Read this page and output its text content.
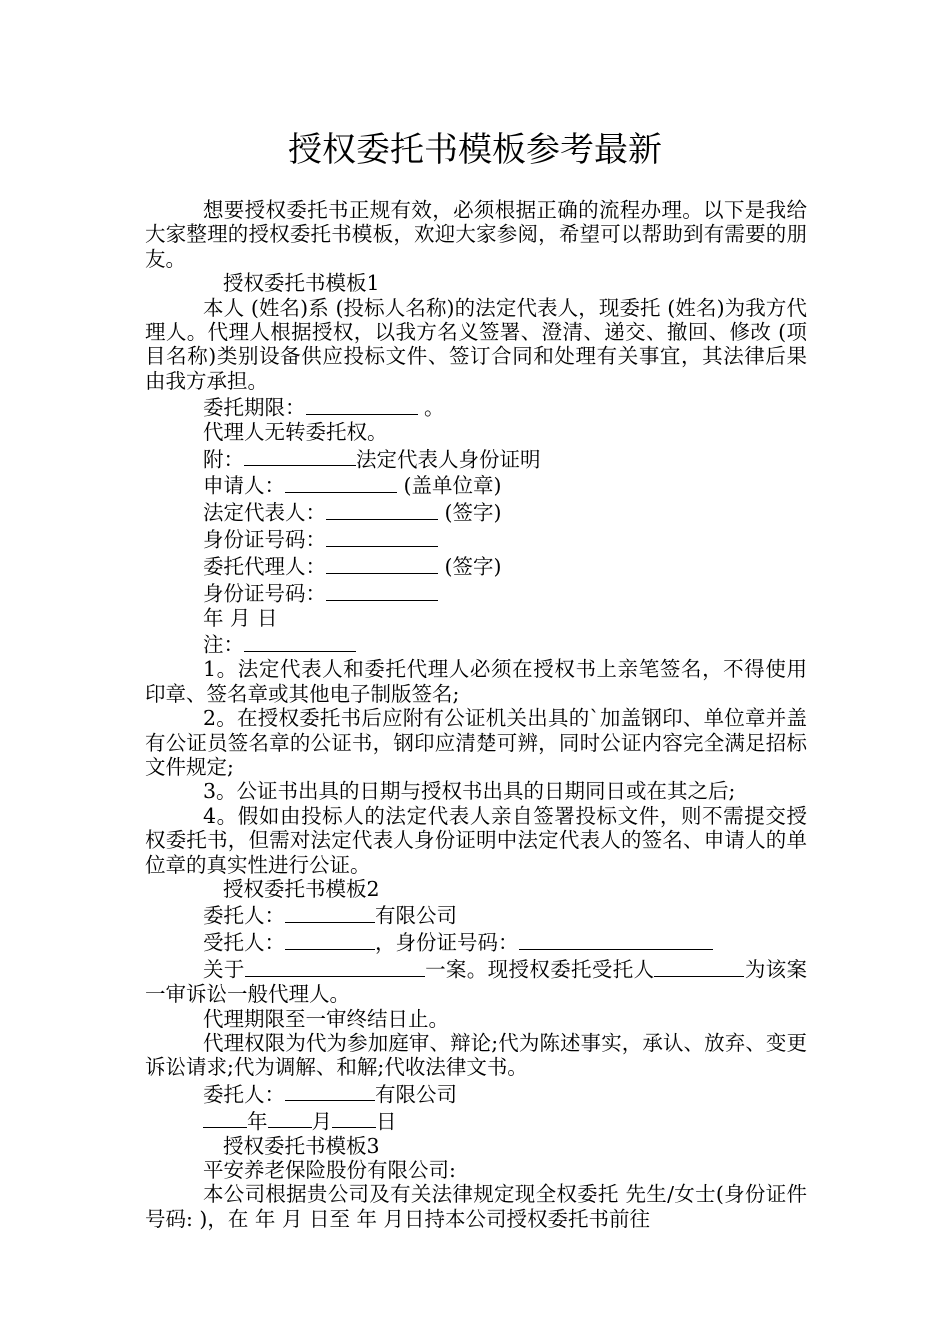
授权委托书模板参考最新

想要授权委托书正规有效，必须根据正确的流程办理。以下是我给大家整理的授权委托书模板，欢迎大家参阅，希望可以帮助到有需要的朋友。

授权委托书模板1

本人 (姓名)系 (投标人名称)的法定代表人，现委托 (姓名)为我方代理人。代理人根据授权，以我方名义签署、澄清、递交、撤回、修改 (项目名称)类别设备供应投标文件、签订合同和处理有关事宜，其法律后果由我方承担。

委托期限：	。

代理人无转委托权。

附：	法定代表人身份证明

申请人：	(盖单位章)

法定代表人：	(签字)

身份证号码：

委托代理人：	(签字)

身份证号码：

年 月 日

注：

1。法定代表人和委托代理人必须在授权书上亲笔签名，不得使用印章、签名章或其他电子制版签名;

2。在授权委托书后应附有公证机关出具的`加盖钢印、单位章并盖有公证员签名章的公证书，钢印应清楚可辨，同时公证内容完全满足招标文件规定;

3。公证书出具的日期与授权书出具的日期同日或在其之后;

4。假如由投标人的法定代表人亲自签署投标文件，则不需提交授权委托书，但需对法定代表人身份证明中法定代表人的签名、申请人的单位章的真实性进行公证。

授权委托书模板2

委托人：	有限公司

受托人：	，身份证号码：

关于	一案。现授权委托受托人	为该案一审诉讼一般代理人。

代理期限至一审终结日止。

代理权限为代为参加庭审、辩论;代为陈述事实，承认、放弃、变更诉讼请求;代为调解、和解;代收法律文书。

委托人：	有限公司

年 月 日

授权委托书模板3

平安养老保险股份有限公司:

本公司根据贵公司及有关法律规定现全权委托 先生/女士(身份证件号码: )，在 年 月 日至 年 月日持本公司授权委托书前往
